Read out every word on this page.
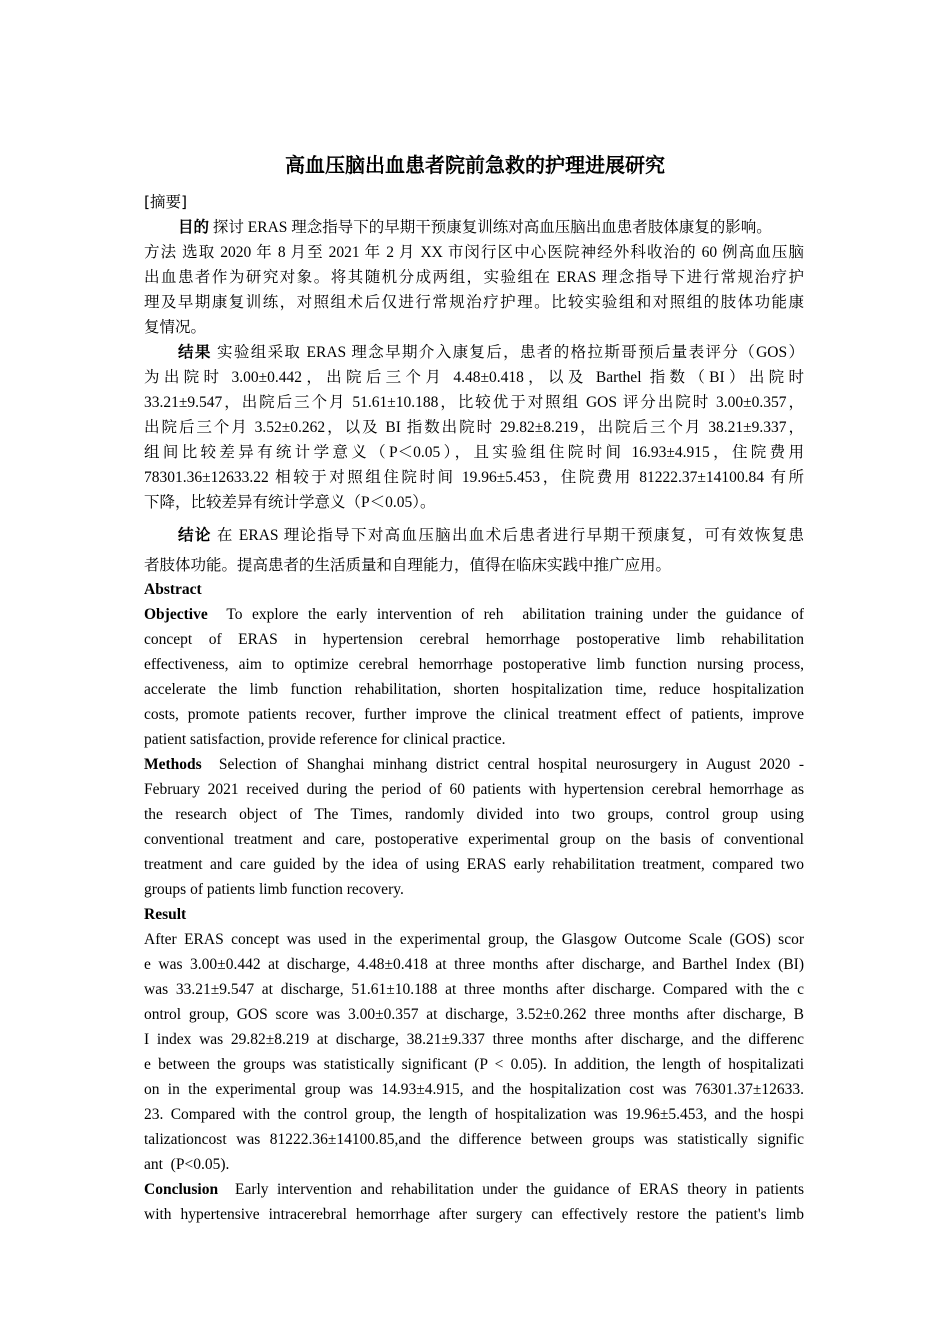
高血压脑出血患者院前急救的护理进展研究
[摘要]
目的 探讨 ERAS 理念指导下的早期干预康复训练对高血压脑出血患者肢体康复的影响。
方法 选取 2020 年 8 月至 2021 年 2 月 XX 市闵行区中心医院神经外科收治的 60 例高血压脑
出血患者作为研究对象。将其随机分成两组，实验组在 ERAS 理念指导下进行常规治疗护
理及早期康复训练，对照组术后仅进行常规治疗护理。比较实验组和对照组的肢体功能康
复情况。
结果 实验组采取 ERAS 理念早期介入康复后，患者的格拉斯哥预后量表评分（GOS）
为出院时 3.00±0.442，出院后三个月 4.48±0.418，以及 Barthel 指数（BI）出院时
33.21±9.547，出院后三个月 51.61±10.188，比较优于对照组 GOS 评分出院时 3.00±0.357，
出院后三个月 3.52±0.262，以及 BI 指数出院时 29.82±8.219，出院后三个月 38.21±9.337，
组间比较差异有统计学意义（P＜0.05），且实验组住院时间 16.93±4.915，住院费用
78301.36±12633.22 相较于对照组住院时间 19.96±5.453，住院费用 81222.37±14100.84 有所
下降，比较差异有统计学意义（P＜0.05）。
结论 在 ERAS 理论指导下对高血压脑出血术后患者进行早期干预康复，可有效恢复患
者肢体功能。提高患者的生活质量和自理能力，值得在临床实践中推广应用。
Abstract
Objective  To explore the early intervention of reh  abilitation training under the guidance of
concept of ERAS in hypertension cerebral hemorrhage postoperative limb rehabilitation
effectiveness, aim to optimize cerebral hemorrhage postoperative limb function nursing process,
accelerate the limb function rehabilitation, shorten hospitalization time, reduce hospitalization
costs, promote patients recover, further improve the clinical treatment effect of patients, improve
patient satisfaction, provide reference for clinical practice.
Methods  Selection of Shanghai minhang district central hospital neurosurgery in August 2020 -
February 2021 received during the period of 60 patients with hypertension cerebral hemorrhage as
the research object of The Times, randomly divided into two groups, control group using
conventional treatment and care, postoperative experimental group on the basis of conventional
treatment and care guided by the idea of using ERAS early rehabilitation treatment, compared two
groups of patients limb function recovery.
Result
After ERAS concept was used in the experimental group, the Glasgow Outcome Scale (GOS) scor
e was 3.00±0.442 at discharge, 4.48±0.418 at three months after discharge, and Barthel Index (BI)
was 33.21±9.547 at discharge, 51.61±10.188 at three months after discharge. Compared with the c
ontrol group, GOS score was 3.00±0.357 at discharge, 3.52±0.262 three months after discharge, B
I index was 29.82±8.219 at discharge, 38.21±9.337 three months after discharge, and the differenc
e between the groups was statistically significant (P < 0.05). In addition, the length of hospitalizati
on in the experimental group was 14.93±4.915, and the hospitalization cost was 76301.37±12633.
23. Compared with the control group, the length of hospitalization was 19.96±5.453, and the hospi
talizationcost was 81222.36±14100.85,and the difference between groups was statistically signific
ant  (P<0.05).
Conclusion  Early intervention and rehabilitation under the guidance of ERAS theory in patients
with hypertensive intracerebral hemorrhage after surgery can effectively restore the patient's limb
